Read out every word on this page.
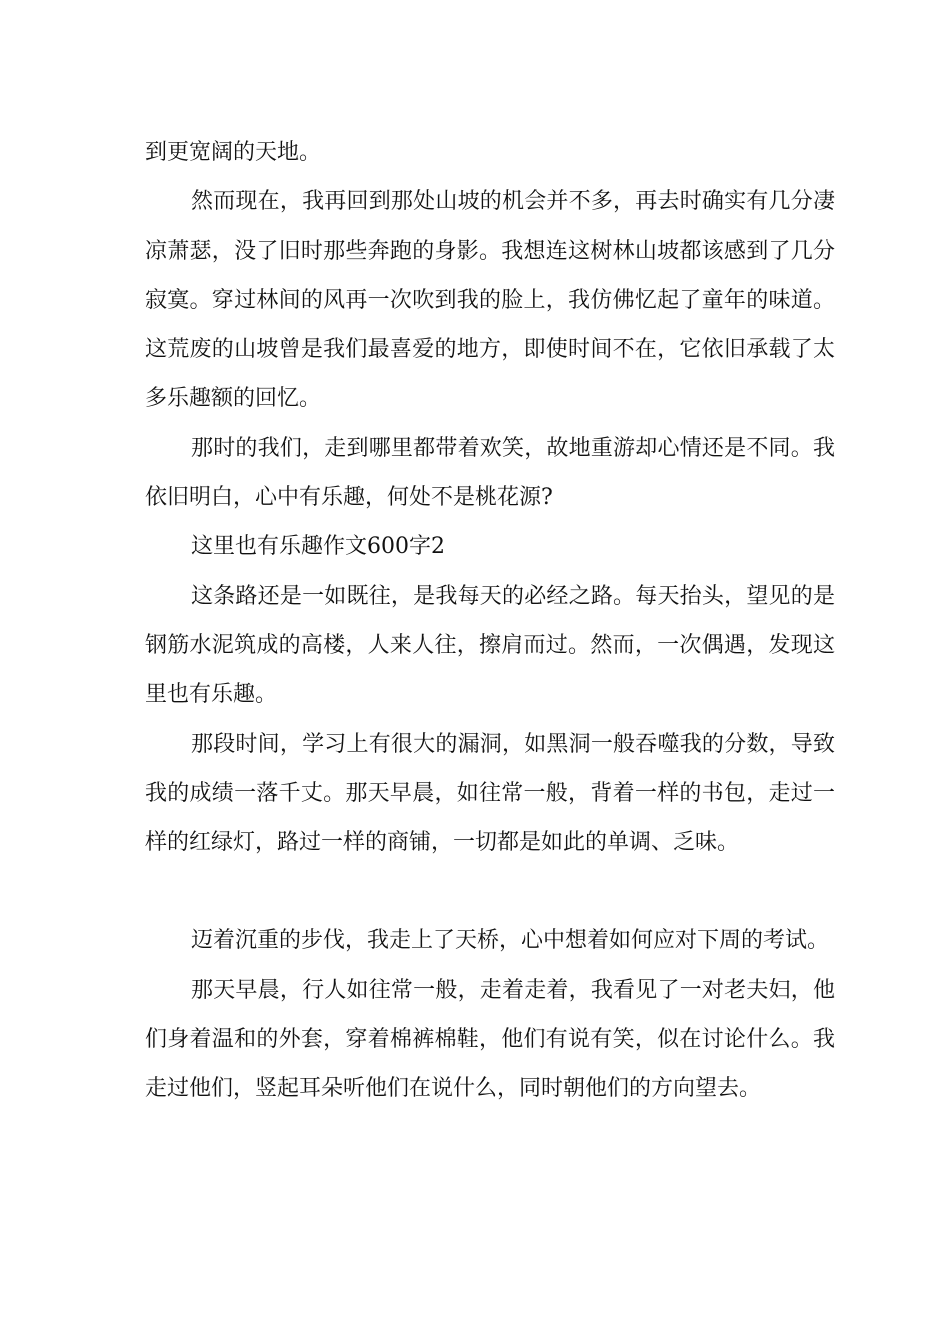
到更宽阔的天地。

然而现在，我再回到那处山坡的机会并不多，再去时确实有几分凄凉萧瑟，没了旧时那些奔跑的身影。我想连这树林山坡都该感到了几分寂寞。穿过林间的风再一次吹到我的脸上，我仿佛忆起了童年的味道。这荒废的山坡曾是我们最喜爱的地方，即使时间不在，它依旧承载了太多乐趣额的回忆。

那时的我们，走到哪里都带着欢笑，故地重游却心情还是不同。我依旧明白，心中有乐趣，何处不是桃花源?

这里也有乐趣作文600字2

这条路还是一如既往，是我每天的必经之路。每天抬头，望见的是钢筋水泥筑成的高楼，人来人往，擦肩而过。然而，一次偶遇，发现这里也有乐趣。

那段时间，学习上有很大的漏洞，如黑洞一般吞噬我的分数，导致我的成绩一落千丈。那天早晨，如往常一般，背着一样的书包，走过一样的红绿灯，路过一样的商铺，一切都是如此的单调、乏味。

迈着沉重的步伐，我走上了天桥，心中想着如何应对下周的考试。

那天早晨，行人如往常一般，走着走着，我看见了一对老夫妇，他们身着温和的外套，穿着棉裤棉鞋，他们有说有笑，似在讨论什么。我走过他们，竖起耳朵听他们在说什么，同时朝他们的方向望去。
